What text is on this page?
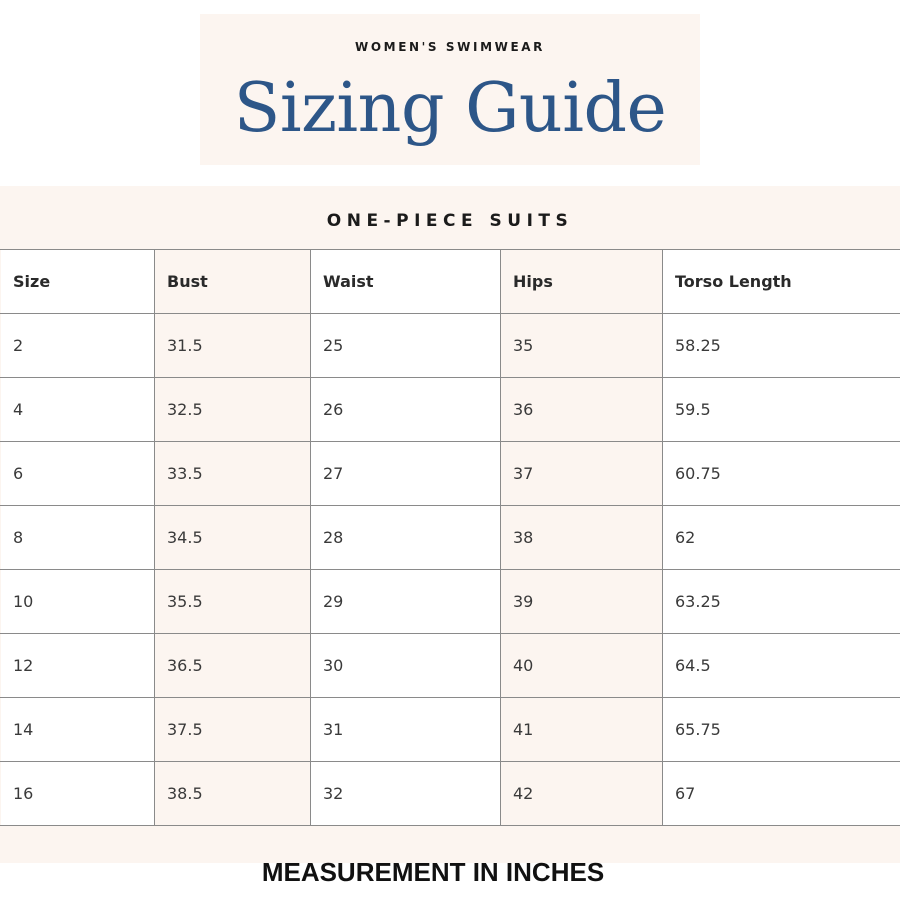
WOMEN'S SWIMWEAR
Sizing Guide
ONE-PIECE SUITS
Size	Bust	Waist	Hips	Torso Length
2	31.5	25	35	58.25
4	32.5	26	36	59.5
6	33.5	27	37	60.75
8	34.5	28	38	62
10	35.5	29	39	63.25
12	36.5	30	40	64.5
14	37.5	31	41	65.75
16	38.5	32	42	67
MEASUREMENT IN INCHES
